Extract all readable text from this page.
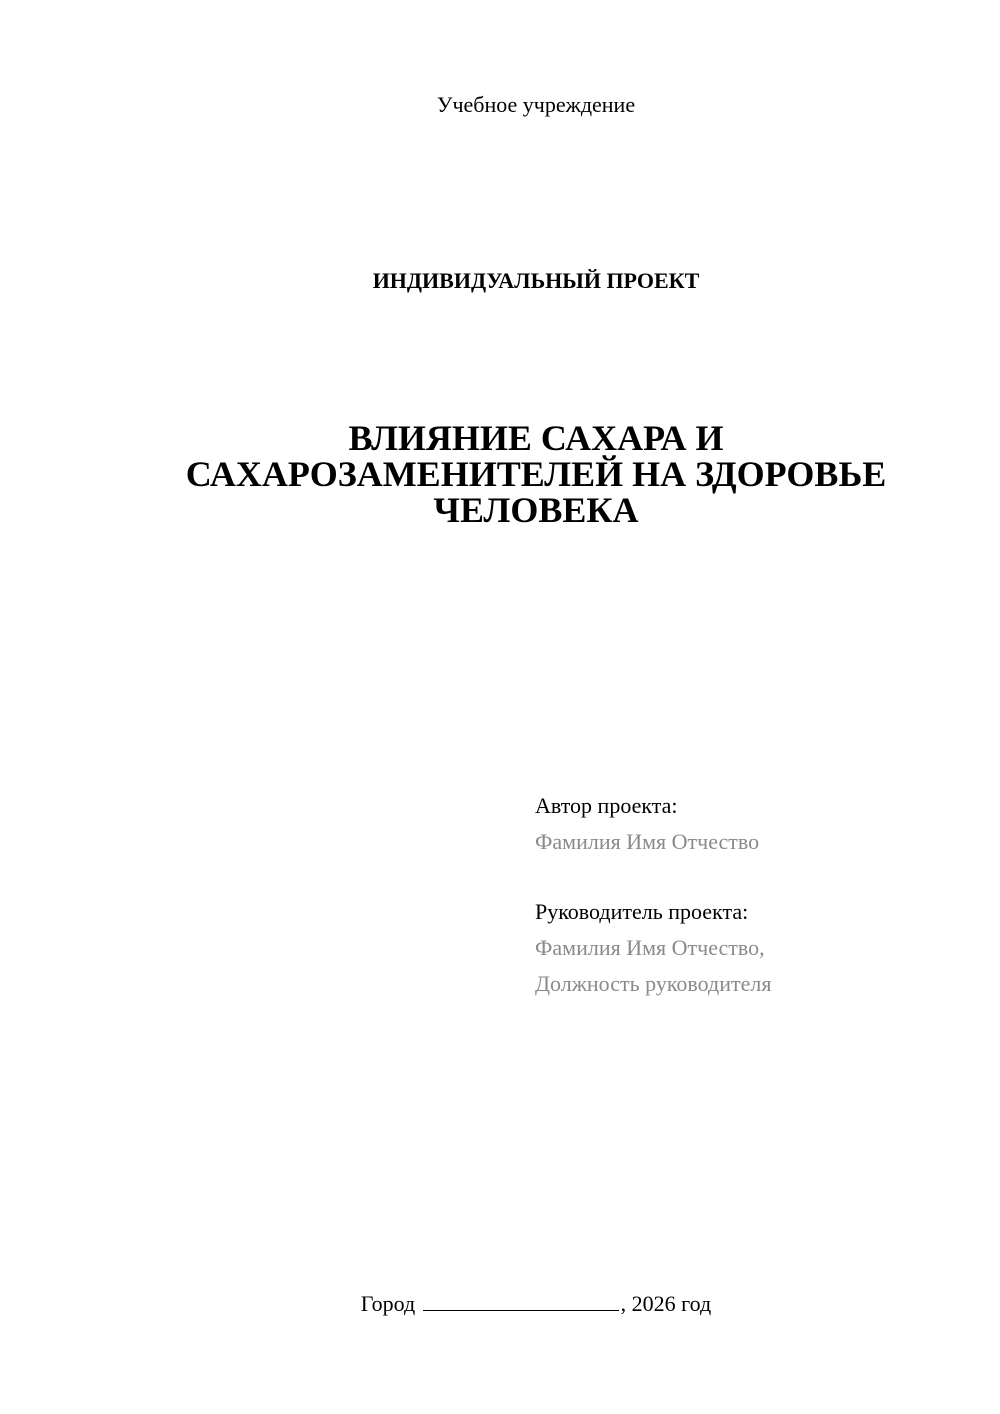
Учебное учреждение
ИНДИВИДУАЛЬНЫЙ ПРОЕКТ
ВЛИЯНИЕ САХАРА И
САХАРОЗАМЕНИТЕЛЕЙ НА ЗДОРОВЬЕ
ЧЕЛОВЕКА
Автор проекта:
Фамилия Имя Отчество
Руководитель проекта:
Фамилия Имя Отчество,
Должность руководителя
Город	, 2026 год
